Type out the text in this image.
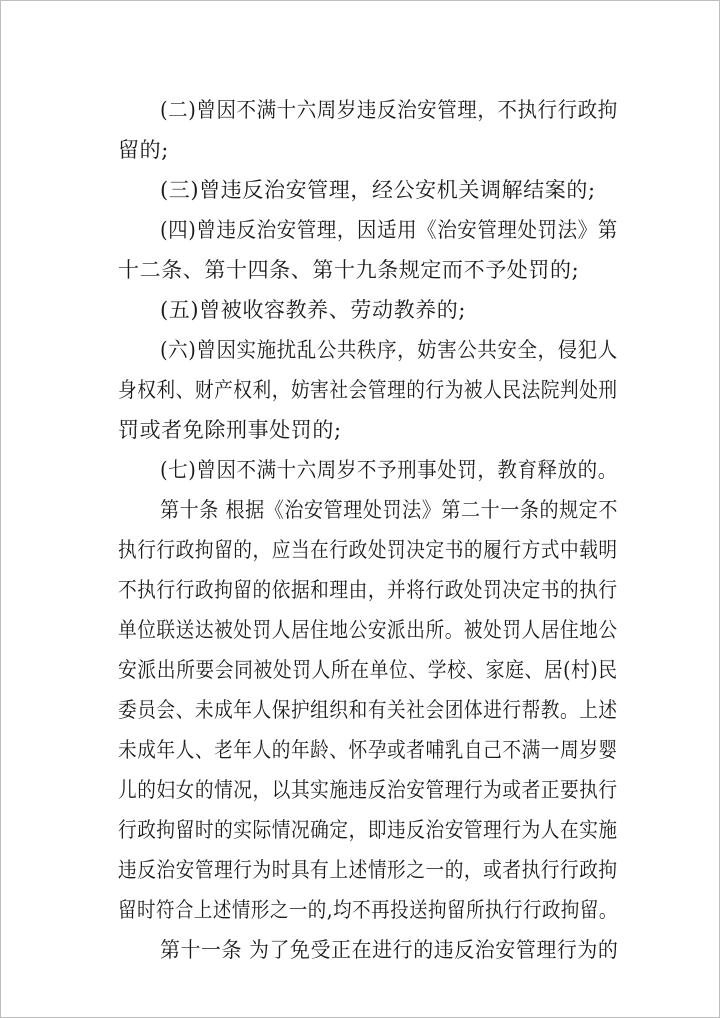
(二)曾因不满十六周岁违反治安管理，不执行行政拘
留的;
(三)曾违反治安管理，经公安机关调解结案的;
(四)曾违反治安管理，因适用《治安管理处罚法》第
十二条、第十四条、第十九条规定而不予处罚的;
(五)曾被收容教养、劳动教养的;
(六)曾因实施扰乱公共秩序，妨害公共安全，侵犯人
身权利、财产权利，妨害社会管理的行为被人民法院判处刑
罚或者免除刑事处罚的;
(七)曾因不满十六周岁不予刑事处罚，教育释放的。
第十条 根据《治安管理处罚法》第二十一条的规定不
执行行政拘留的，应当在行政处罚决定书的履行方式中载明
不执行行政拘留的依据和理由，并将行政处罚决定书的执行
单位联送达被处罚人居住地公安派出所。被处罚人居住地公
安派出所要会同被处罚人所在单位、学校、家庭、居(村)民
委员会、未成年人保护组织和有关社会团体进行帮教。上述
未成年人、老年人的年龄、怀孕或者哺乳自己不满一周岁婴
儿的妇女的情况，以其实施违反治安管理行为或者正要执行
行政拘留时的实际情况确定，即违反治安管理行为人在实施
违反治安管理行为时具有上述情形之一的，或者执行行政拘
留时符合上述情形之一的,均不再投送拘留所执行行政拘留。
第十一条 为了免受正在进行的违反治安管理行为的
